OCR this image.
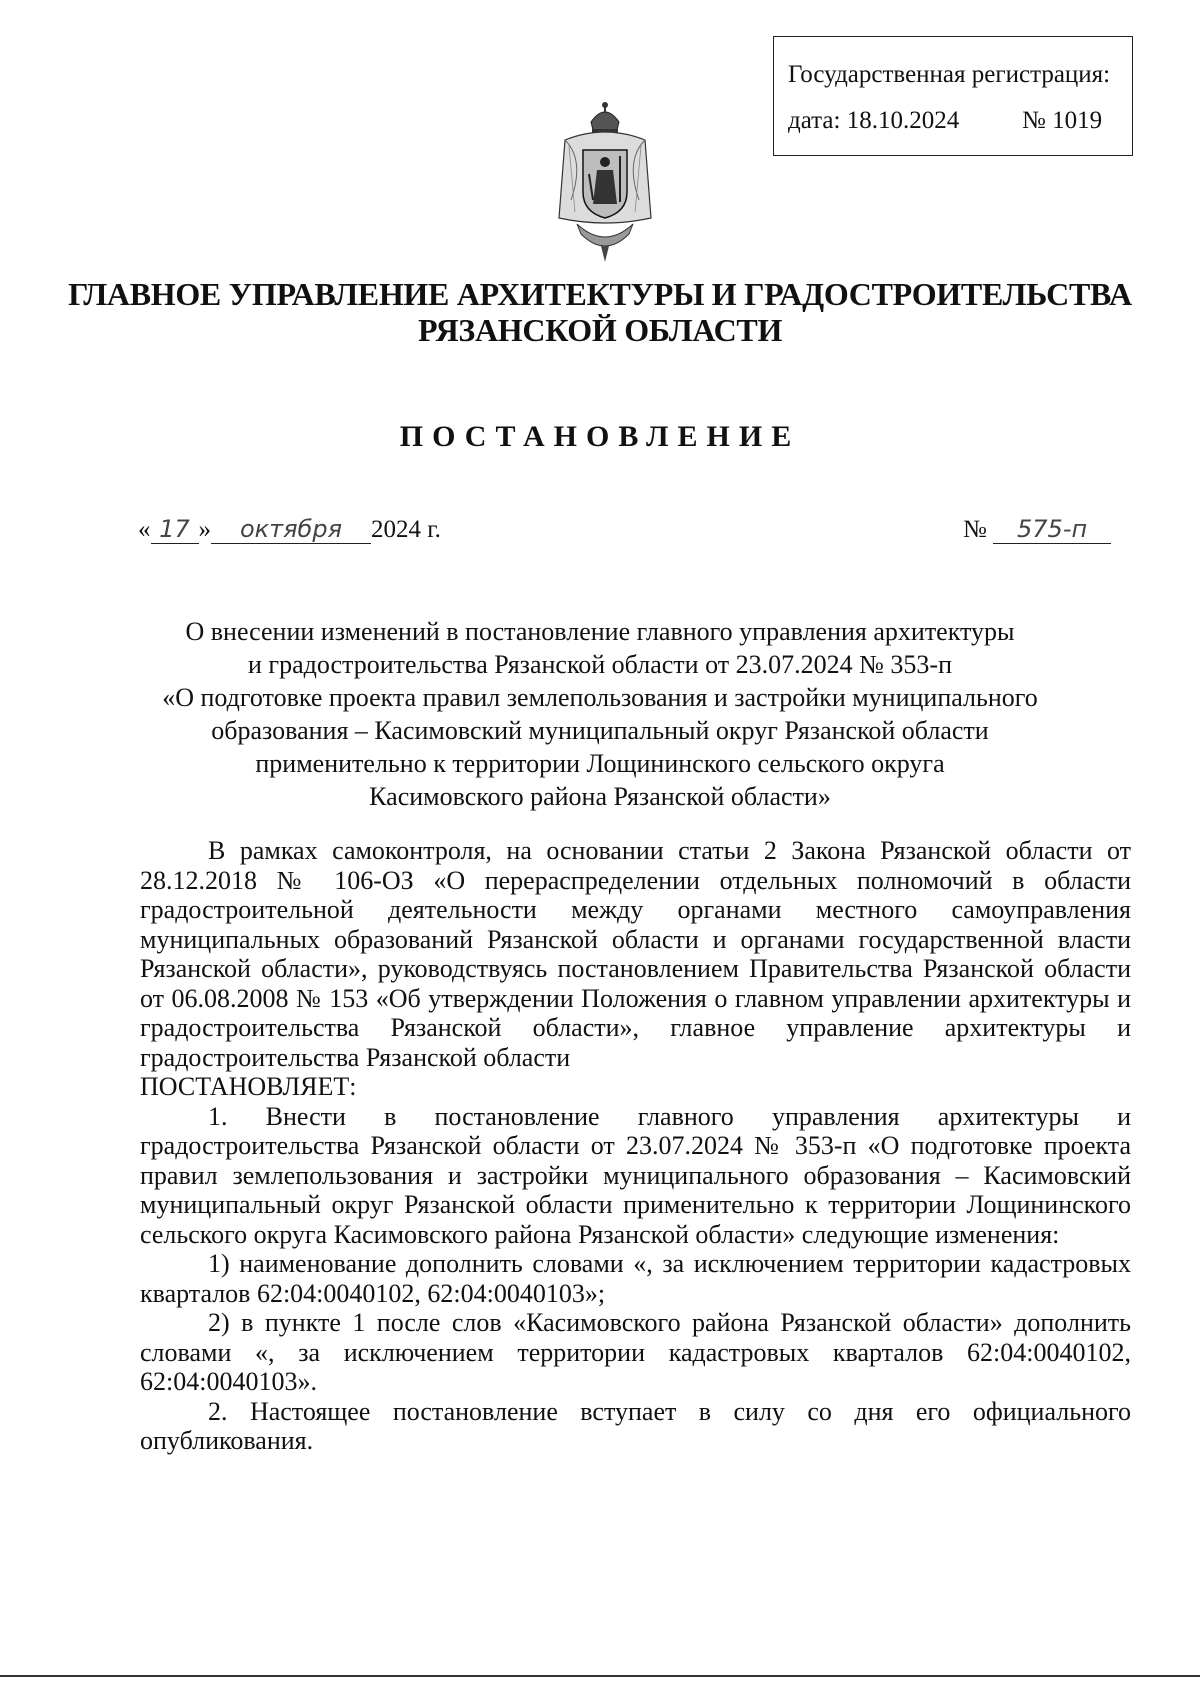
Государственная регистрация:
дата: 18.10.2024	№ 1019
ГЛАВНОЕ УПРАВЛЕНИЕ АРХИТЕКТУРЫ И ГРАДОСТРОИТЕЛЬСТВА
РЯЗАНСКОЙ ОБЛАСТИ
ПОСТАНОВЛЕНИЕ
« 17 » октября 2024 г.	№ 575-п
О внесении изменений в постановление главного управления архитектуры
и градостроительства Рязанской области от 23.07.2024 № 353-п
«О подготовке проекта правил землепользования и застройки муниципального
образования – Касимовский муниципальный округ Рязанской области
применительно к территории Лощининского сельского округа
Касимовского района Рязанской области»

В рамках самоконтроля, на основании статьи 2 Закона Рязанской области от 28.12.2018 № 106-ОЗ «О перераспределении отдельных полномочий в области градостроительной деятельности между органами местного самоуправления муниципальных образований Рязанской области и органами государственной власти Рязанской области», руководствуясь постановлением Правительства Рязанской области от 06.08.2008 № 153 «Об утверждении Положения о главном управлении архитектуры и градостроительства Рязанской области», главное управление архитектуры и градостроительства Рязанской области

ПОСТАНОВЛЯЕТ:

1. Внести в постановление главного управления архитектуры и градостроительства Рязанской области от 23.07.2024 № 353-п «О подготовке проекта правил землепользования и застройки муниципального образования – Касимовский муниципальный округ Рязанской области применительно к территории Лощининского сельского округа Касимовского района Рязанской области» следующие изменения:

1) наименование дополнить словами «, за исключением территории кадастровых кварталов 62:04:0040102, 62:04:0040103»;

2) в пункте 1 после слов «Касимовского района Рязанской области» дополнить словами «, за исключением территории кадастровых кварталов 62:04:0040102, 62:04:0040103».

2. Настоящее постановление вступает в силу со дня его официального опубликования.
